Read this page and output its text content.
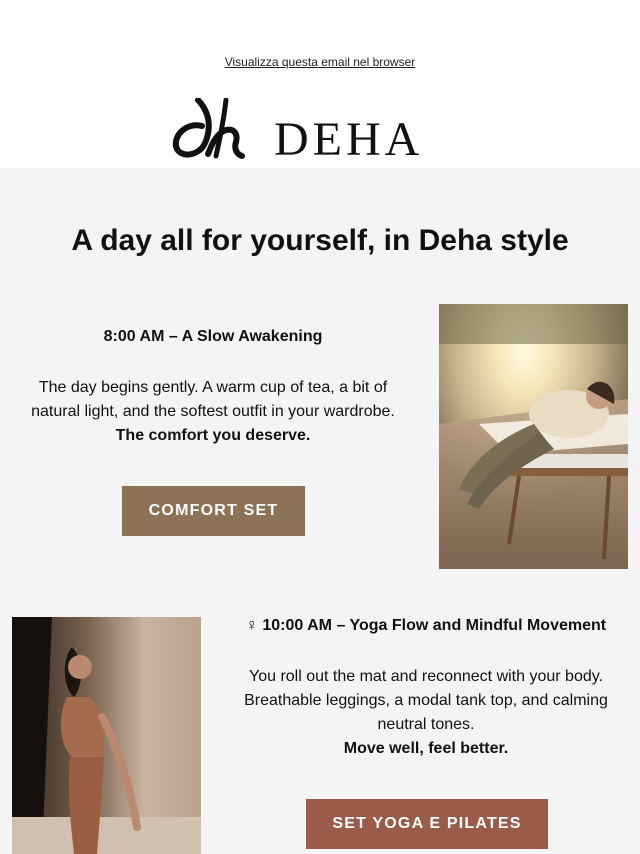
Visualizza questa email nel browser
DEHA
A day all for yourself, in Deha style

8:00 AM – A Slow Awakening

The day begins gently. A warm cup of tea, a bit of natural light, and the softest outfit in your wardrobe.

The comfort you deserve.

COMFORT SET

‍♀ 10:00 AM – Yoga Flow and Mindful Movement

You roll out the mat and reconnect with your body. Breathable leggings, a modal tank top, and calming neutral tones.

Move well, feel better.

SET YOGA E PILATES
